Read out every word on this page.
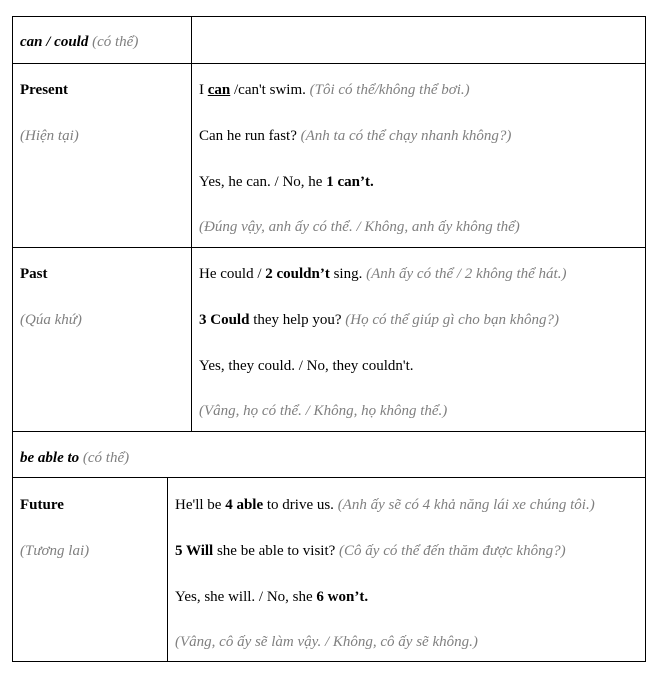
can / could (có thể)
Present
(Hiện tại)
I can /can't swim. (Tôi có thể/không thể bơi.)
Can he run fast? (Anh ta có thể chạy nhanh không?)
Yes, he can. / No, he 1 can’t.
(Đúng vậy, anh ấy có thể. / Không, anh ấy không thể)
Past
(Qúa khứ)
He could / 2 couldn’t sing. (Anh ấy có thể / 2 không thể hát.)
3 Could they help you? (Họ có thể giúp gì cho bạn không?)
Yes, they could. / No, they couldn't.
(Vâng, họ có thể. / Không, họ không thể.)
be able to (có thể)
Future
(Tương lai)
He'll be 4 able to drive us. (Anh ấy sẽ có 4 khả năng lái xe chúng tôi.)
5 Will she be able to visit? (Cô ấy có thể đến thăm được không?)
Yes, she will. / No, she 6 won’t.
(Vâng, cô ấy sẽ làm vậy. / Không, cô ấy sẽ không.)
